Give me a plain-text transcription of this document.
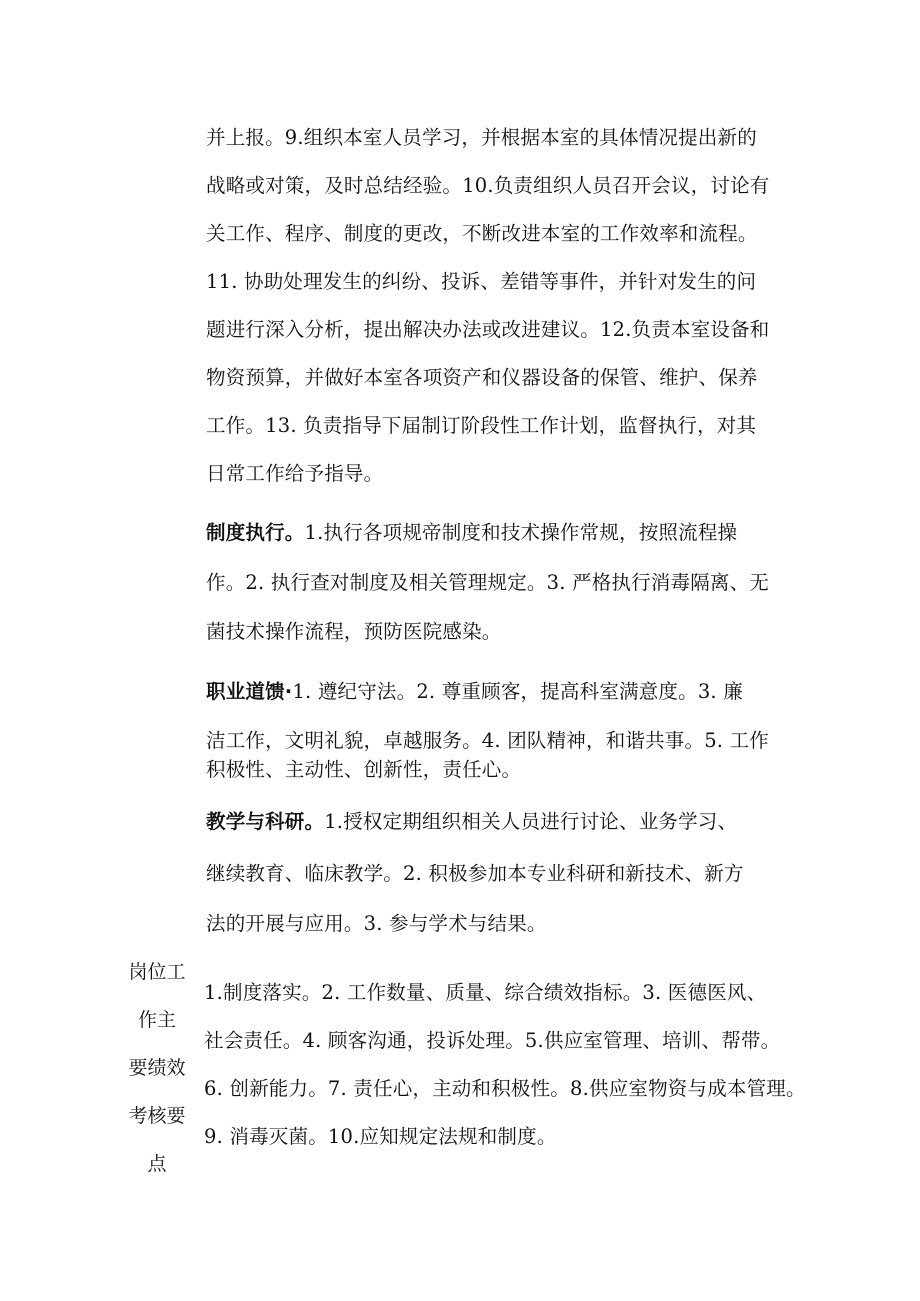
并上报。9.组织本室人员学习，并根据本室的具体情况提出新的
战略或对策，及时总结经验。10.负责组织人员召开会议，讨论有
关工作、程序、制度的更改，不断改进本室的工作效率和流程。
11. 协助处理发生的纠纷、投诉、差错等事件，并针对发生的问
题进行深入分析，提出解决办法或改进建议。12.负责本室设备和
物资预算，并做好本室各项资产和仪器设备的保管、维护、保养
工作。13. 负责指导下届制订阶段性工作计划，监督执行，对其
日常工作给予指导。
制度执行。1.执行各项规帝制度和技术操作常规，按照流程操
作。2. 执行查对制度及相关管理规定。3. 严格执行消毒隔离、无
菌技术操作流程，预防医院感染。
职业道馈·1. 遵纪守法。2. 尊重顾客，提高科室满意度。3. 廉
洁工作，文明礼貌，卓越服务。4. 团队精神，和谐共事。5. 工作
积极性、主动性、创新性，责任心。
教学与科研。1.授权定期组织相关人员进行讨论、业务学习、
继续教育、临床教学。2. 积极参加本专业科研和新技术、新方
法的开展与应用。3. 参与学术与结果。
岗位工
作主
要绩效
考核要
点
1.制度落实。2. 工作数量、质量、综合绩效指标。3. 医德医风、
社会责任。4. 顾客沟通，投诉处理。5.供应室管理、培训、帮带。
6. 创新能力。7. 责任心，主动和积极性。8.供应室物资与成本管理。
9. 消毒灭菌。10.应知规定法规和制度。
